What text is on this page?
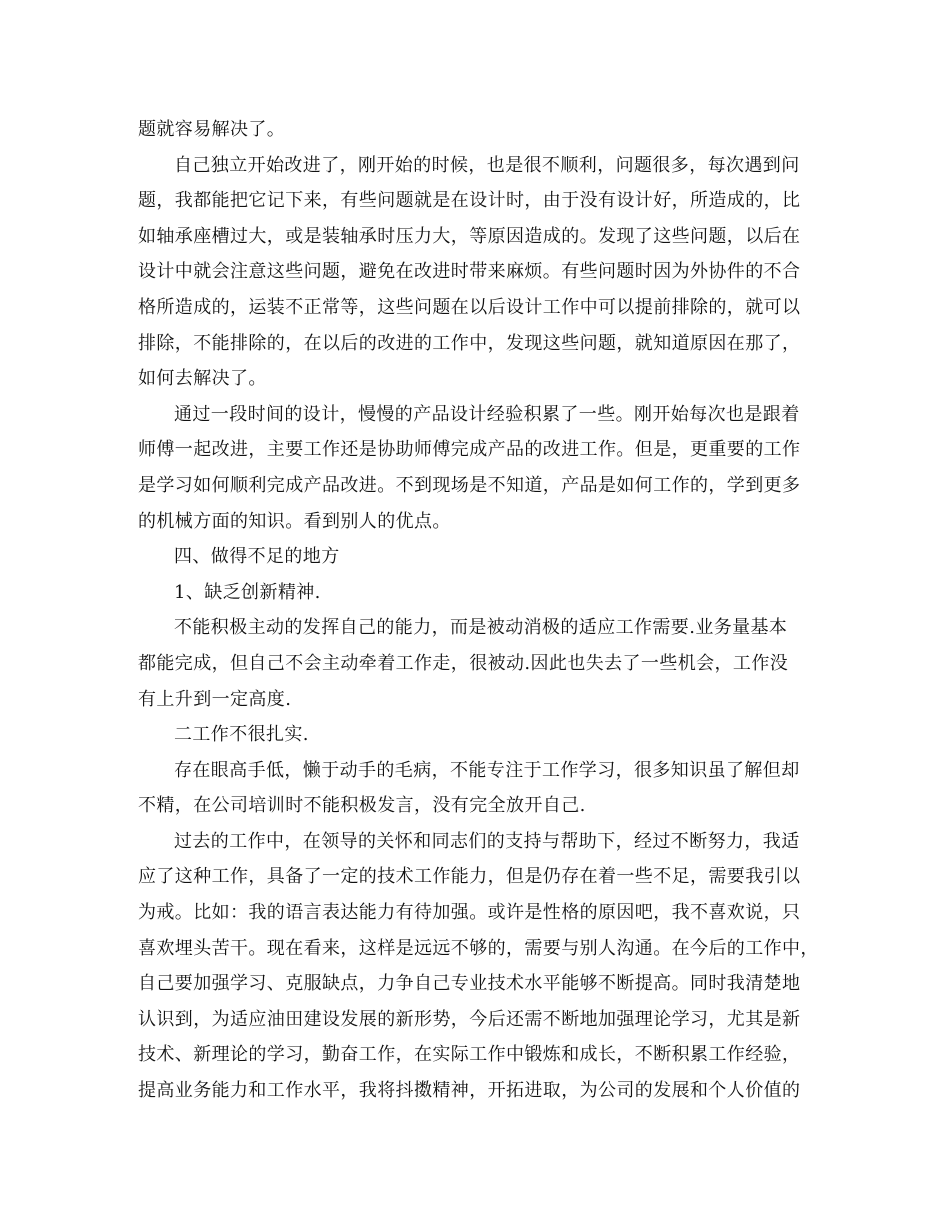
题就容易解决了。
自己独立开始改进了，刚开始的时候，也是很不顺利，问题很多，每次遇到问
题，我都能把它记下来，有些问题就是在设计时，由于没有设计好，所造成的，比
如轴承座槽过大，或是装轴承时压力大，等原因造成的。发现了这些问题，以后在
设计中就会注意这些问题，避免在改进时带来麻烦。有些问题时因为外协件的不合
格所造成的，运装不正常等，这些问题在以后设计工作中可以提前排除的，就可以
排除，不能排除的，在以后的改进的工作中，发现这些问题，就知道原因在那了，
如何去解决了。
通过一段时间的设计，慢慢的产品设计经验积累了一些。刚开始每次也是跟着
师傅一起改进，主要工作还是协助师傅完成产品的改进工作。但是，更重要的工作
是学习如何顺利完成产品改进。不到现场是不知道，产品是如何工作的，学到更多
的机械方面的知识。看到别人的优点。
四、做得不足的地方
1、缺乏创新精神.
不能积极主动的发挥自己的能力，而是被动消极的适应工作需要.业务量基本
都能完成，但自己不会主动牵着工作走，很被动.因此也失去了一些机会，工作没
有上升到一定高度.
二工作不很扎实.
存在眼高手低，懒于动手的毛病，不能专注于工作学习，很多知识虽了解但却
不精，在公司培训时不能积极发言，没有完全放开自己.
过去的工作中，在领导的关怀和同志们的支持与帮助下，经过不断努力，我适
应了这种工作，具备了一定的技术工作能力，但是仍存在着一些不足，需要我引以
为戒。比如：我的语言表达能力有待加强。或许是性格的原因吧，我不喜欢说，只
喜欢埋头苦干。现在看来，这样是远远不够的，需要与别人沟通。在今后的工作中，
自己要加强学习、克服缺点，力争自己专业技术水平能够不断提高。同时我清楚地
认识到，为适应油田建设发展的新形势，今后还需不断地加强理论学习，尤其是新
技术、新理论的学习，勤奋工作，在实际工作中锻炼和成长，不断积累工作经验，
提高业务能力和工作水平，我将抖擞精神，开拓进取，为公司的发展和个人价值的
